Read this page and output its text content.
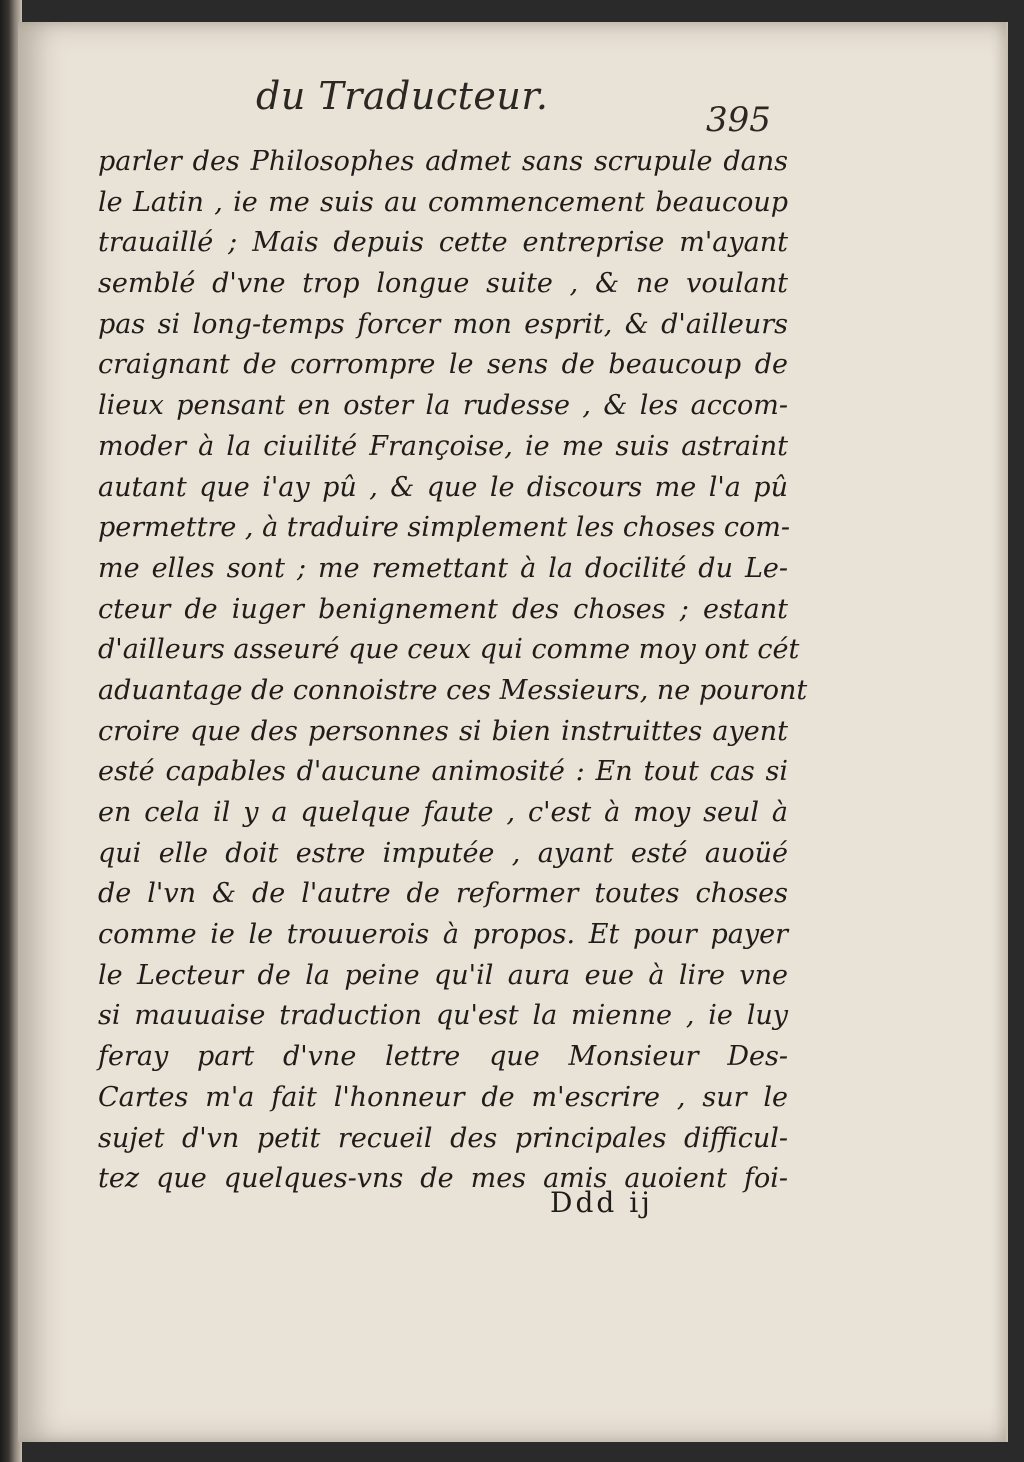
du Traducteur.
395
parler des Philosophes admet sans scrupule dans
le Latin , ie me suis au commencement beaucoup
trauaillé ; Mais depuis cette entreprise m'ayant
semblé d'vne trop longue suite , & ne voulant
pas si long-temps forcer mon esprit, & d'ailleurs
craignant de corrompre le sens de beaucoup de
lieux pensant en oster la rudesse , & les accom-
moder à la ciuilité Françoise, ie me suis astraint
autant que i'ay pû , & que le discours me l'a pû
permettre , à traduire simplement les choses com-
me elles sont ; me remettant à la docilité du Le-
cteur de iuger benignement des choses ; estant
d'ailleurs asseuré que ceux qui comme moy ont cét
aduantage de connoistre ces Messieurs, ne pouront
croire que des personnes si bien instruittes ayent
esté capables d'aucune animosité : En tout cas si
en cela il y a quelque faute , c'est à moy seul à
qui elle doit estre imputée , ayant esté auoüé
de l'vn & de l'autre de reformer toutes choses
comme ie le trouuerois à propos. Et pour payer
le Lecteur de la peine qu'il aura eue à lire vne
si mauuaise traduction qu'est la mienne , ie luy
feray part d'vne lettre que Monsieur Des-
Cartes m'a fait l'honneur de m'escrire , sur le
sujet d'vn petit recueil des principales difficul-
tez que quelques-vns de mes amis auoient foi-
Ddd ij
